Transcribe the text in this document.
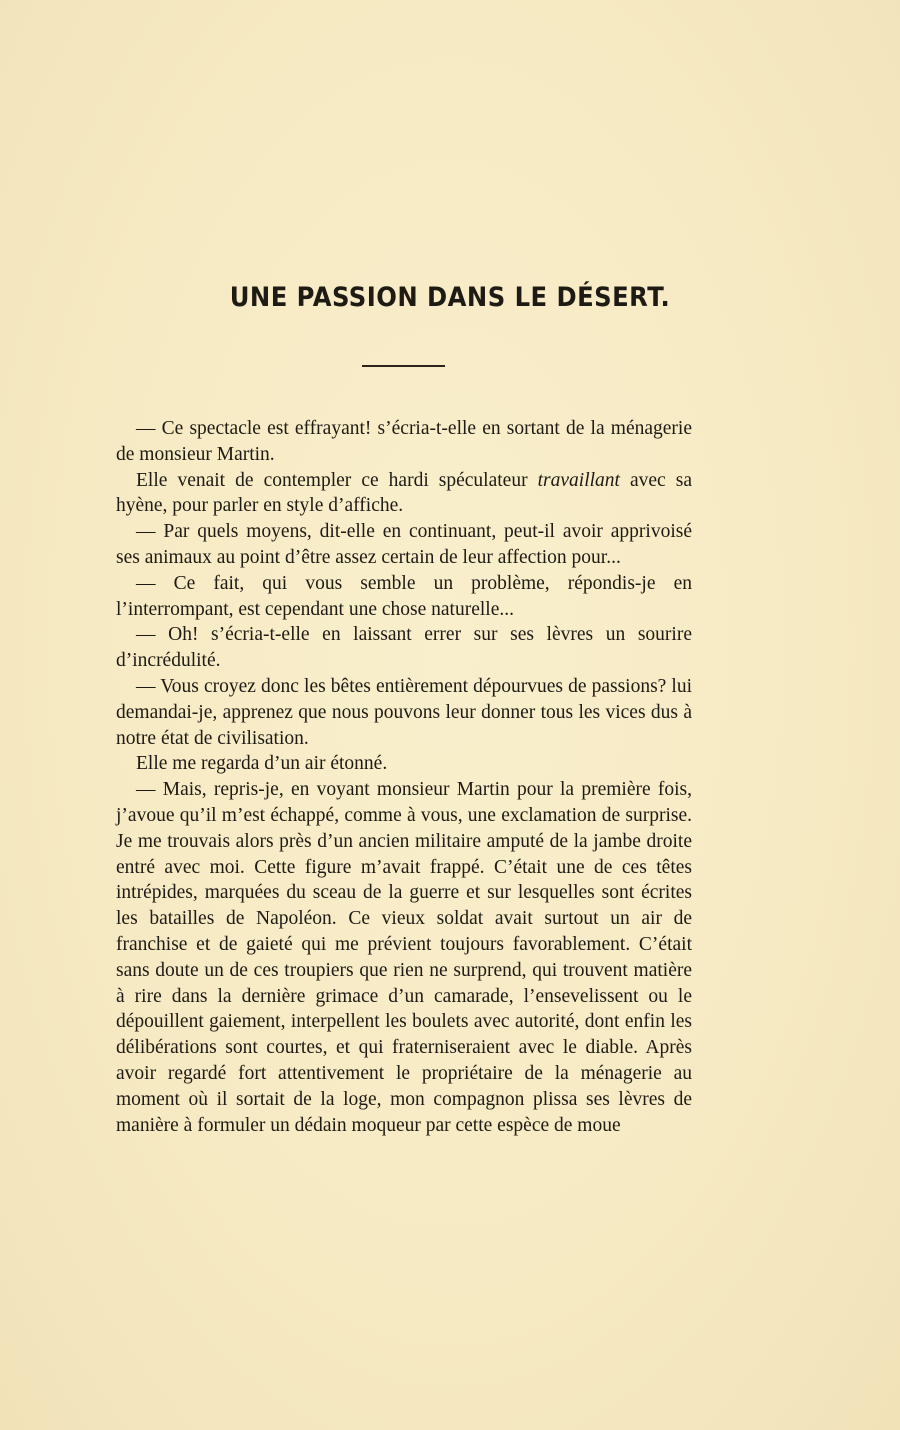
UNE PASSION DANS LE DÉSERT.

— Ce spectacle est effrayant! s’écria-t-elle en sortant de la ménagerie de monsieur Martin.

Elle venait de contempler ce hardi spéculateur travaillant avec sa hyène, pour parler en style d’affiche.

— Par quels moyens, dit-elle en continuant, peut-il avoir apprivoisé ses animaux au point d’être assez certain de leur affection pour...

— Ce fait, qui vous semble un problème, répondis-je en l’interrompant, est cependant une chose naturelle...

— Oh! s’écria-t-elle en laissant errer sur ses lèvres un sourire d’incrédulité.

— Vous croyez donc les bêtes entièrement dépourvues de passions? lui demandai-je, apprenez que nous pouvons leur donner tous les vices dus à notre état de civilisation.

Elle me regarda d’un air étonné.

— Mais, repris-je, en voyant monsieur Martin pour la première fois, j’avoue qu’il m’est échappé, comme à vous, une exclamation de surprise. Je me trouvais alors près d’un ancien militaire amputé de la jambe droite entré avec moi. Cette figure m’avait frappé. C’était une de ces têtes intrépides, marquées du sceau de la guerre et sur lesquelles sont écrites les batailles de Napoléon. Ce vieux soldat avait surtout un air de franchise et de gaieté qui me prévient toujours favorablement. C’était sans doute un de ces troupiers que rien ne surprend, qui trouvent matière à rire dans la dernière grimace d’un camarade, l’ensevelissent ou le dépouillent gaiement, interpellent les boulets avec autorité, dont enfin les délibérations sont courtes, et qui fraterniseraient avec le diable. Après avoir regardé fort attentivement le propriétaire de la ménagerie au moment où il sortait de la loge, mon compagnon plissa ses lèvres de manière à formuler un dédain moqueur par cette espèce de moue
